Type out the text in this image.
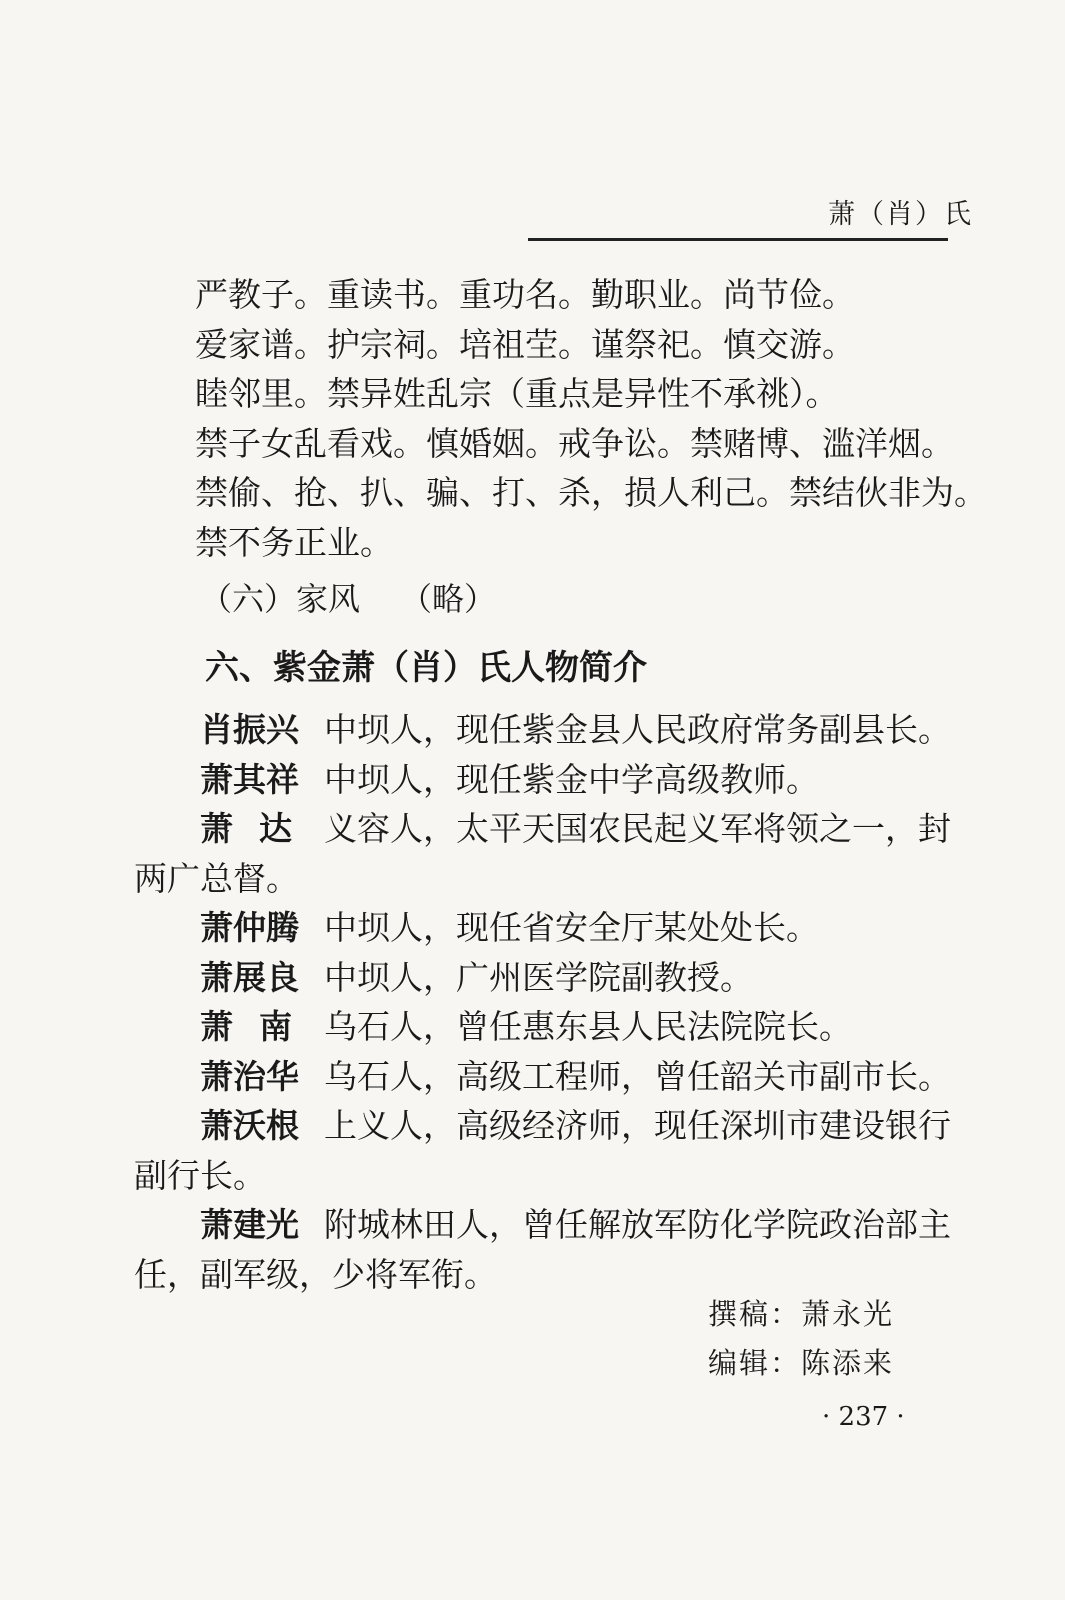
萧（肖）氏

严教子。重读书。重功名。勤职业。尚节俭。

爱家谱。护宗祠。培祖茔。谨祭祀。慎交游。

睦邻里。禁异姓乱宗（重点是异性不承祧）。

禁子女乱看戏。慎婚姻。戒争讼。禁赌博、滥洋烟。

禁偷、抢、扒、骗、打、杀，损人利己。禁结伙非为。

禁不务正业。

（六）家风 （略）
六、紫金萧（肖）氏人物简介
肖振兴 中坝人，现任紫金县人民政府常务副县长。
萧其祥 中坝人，现任紫金中学高级教师。
萧达 义容人，太平天国农民起义军将领之一，封两广总督。
萧仲腾 中坝人，现任省安全厅某处处长。
萧展良 中坝人，广州医学院副教授。
萧南 乌石人，曾任惠东县人民法院院长。
萧治华 乌石人，高级工程师，曾任韶关市副市长。
萧沃根 上义人，高级经济师，现任深圳市建设银行副行长。
萧建光 附城林田人，曾任解放军防化学院政治部主任，副军级，少将军衔。

撰稿：萧永光

编辑：陈添来

· 237 ·
